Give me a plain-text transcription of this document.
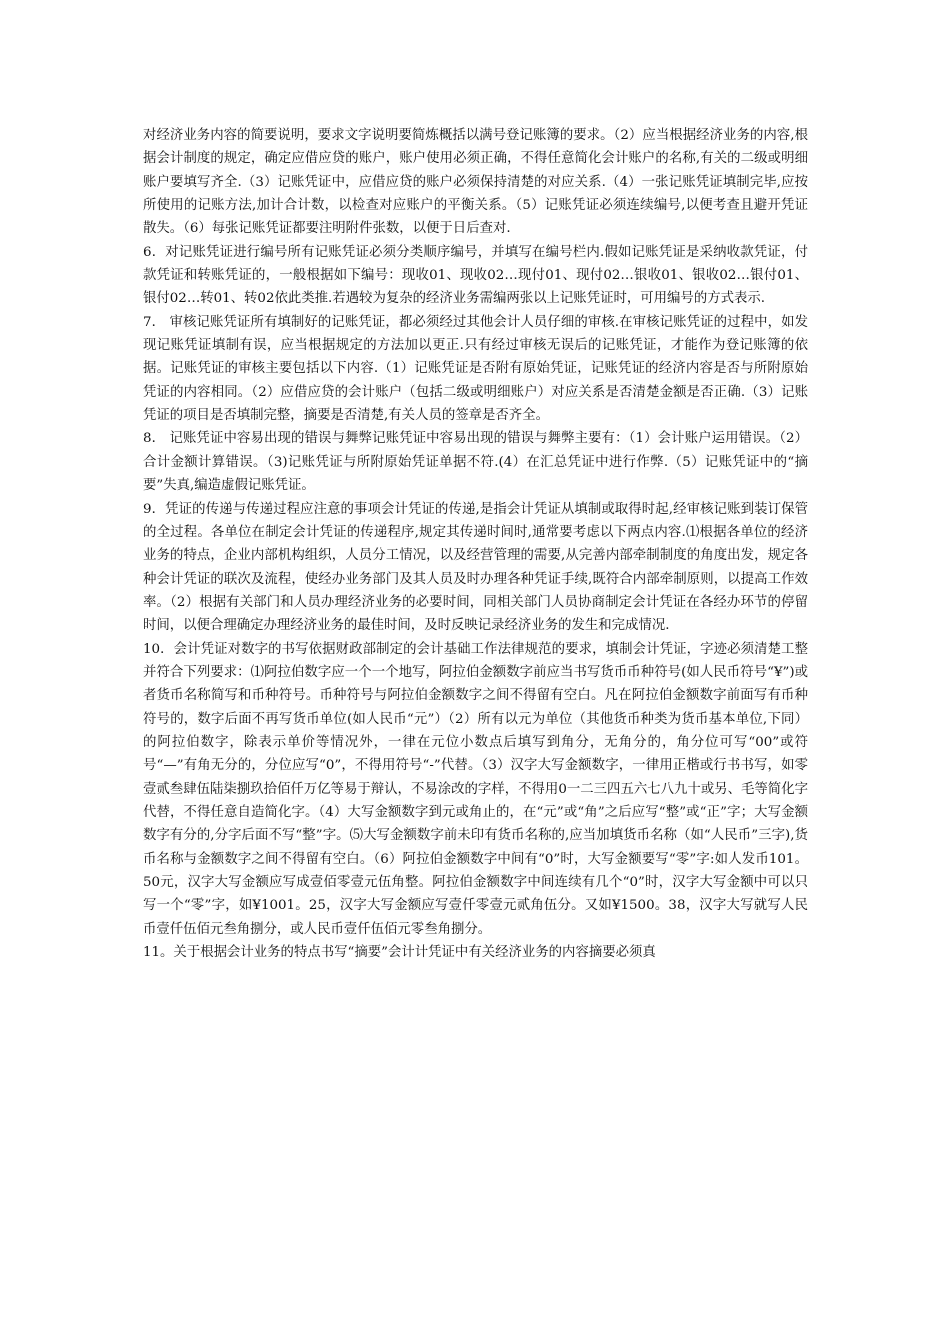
对经济业务内容的简要说明，要求文字说明要简炼概括以满号登记账簿的要求。（2）应当根据经济业务的内容,根据会计制度的规定，确定应借应贷的账户，账户使用必须正确，不得任意简化会计账户的名称,有关的二级或明细账户要填写齐全.（3）记账凭证中，应借应贷的账户必须保持清楚的对应关系.（4）一张记账凭证填制完毕,应按所使用的记账方法,加计合计数，以检查对应账户的平衡关系。（5）记账凭证必须连续编号,以便考查且避开凭证散失。（6）每张记账凭证都要注明附件张数，以便于日后查对.

6．对记账凭证进行编号所有记账凭证必须分类顺序编号，并填写在编号栏内.假如记账凭证是采纳收款凭证，付款凭证和转账凭证的，一般根据如下编号：现收01、现收02…现付01、现付02…银收01、银收02…银付01、银付02…转01、转02依此类推.若遇较为复杂的经济业务需编两张以上记账凭证时，可用编号的方式表示.

7． 审核记账凭证所有填制好的记账凭证，都必须经过其他会计人员仔细的审核.在审核记账凭证的过程中，如发现记账凭证填制有误，应当根据规定的方法加以更正.只有经过审核无误后的记账凭证，才能作为登记账簿的依据。记账凭证的审核主要包括以下内容.（1）记账凭证是否附有原始凭证，记账凭证的经济内容是否与所附原始凭证的内容相同。（2）应借应贷的会计账户（包括二级或明细账户）对应关系是否清楚金额是否正确.（3）记账凭证的项目是否填制完整，摘要是否清楚,有关人员的签章是否齐全。

8． 记账凭证中容易出现的错误与舞弊记账凭证中容易出现的错误与舞弊主要有：（1）会计账户运用错误。（2）合计金额计算错误。（3)记账凭证与所附原始凭证单据不符.(4）在汇总凭证中进行作弊.（5）记账凭证中的“摘要”失真,编造虚假记账凭证。

9．凭证的传递与传递过程应注意的事项会计凭证的传递,是指会计凭证从填制或取得时起,经审核记账到装订保管的全过程。各单位在制定会计凭证的传递程序,规定其传递时间时,通常要考虑以下两点内容.⑴根据各单位的经济业务的特点，企业内部机构组织，人员分工情况，以及经营管理的需要,从完善内部牵制制度的角度出发，规定各种会计凭证的联次及流程，使经办业务部门及其人员及时办理各种凭证手续,既符合内部牵制原则，以提高工作效率。（2）根据有关部门和人员办理经济业务的必要时间，同相关部门人员协商制定会计凭证在各经办环节的停留时间，以便合理确定办理经济业务的最佳时间，及时反映记录经济业务的发生和完成情况.

10．会计凭证对数字的书写依据财政部制定的会计基础工作法律规范的要求，填制会计凭证，字迹必须清楚工整并符合下列要求：⑴阿拉伯数字应一个一个地写，阿拉伯金额数字前应当书写货币币种符号(如人民币符号“¥”)或者货币名称简写和币种符号。币种符号与阿拉伯金额数字之间不得留有空白。凡在阿拉伯金额数字前面写有币种符号的，数字后面不再写货币单位(如人民币“元”）（2）所有以元为单位（其他货币种类为货币基本单位,下同）的阿拉伯数字，除表示单价等情况外，一律在元位小数点后填写到角分，无角分的，角分位可写“00”或符号“—”有角无分的，分位应写“0”，不得用符号“-”代替。（3）汉字大写金额数字，一律用正楷或行书书写，如零壹贰叁肆伍陆柒捌玖拾佰仟万亿等易于辩认，不易涂改的字样，不得用0一二三四五六七八九十或另、毛等简化字代替，不得任意自造简化字。（4）大写金额数字到元或角止的，在“元”或“角”之后应写“整”或“正”字；大写金额数字有分的,分字后面不写“整”字。⑸大写金额数字前未印有货币名称的,应当加填货币名称（如“人民币”三字),货币名称与金额数字之间不得留有空白。（6）阿拉伯金额数字中间有“0”时，大写金额要写“零”字:如人发币101。50元，汉字大写金额应写成壹佰零壹元伍角整。阿拉伯金额数字中间连续有几个“0”时，汉字大写金额中可以只写一个“零”字，如¥1001。25，汉字大写金额应写壹仟零壹元贰角伍分。又如¥1500。38，汉字大写就写人民币壹仟伍佰元叁角捌分，或人民币壹仟伍佰元零叁角捌分。

11。关于根据会计业务的特点书写“摘要”会计计凭证中有关经济业务的内容摘要必须真
